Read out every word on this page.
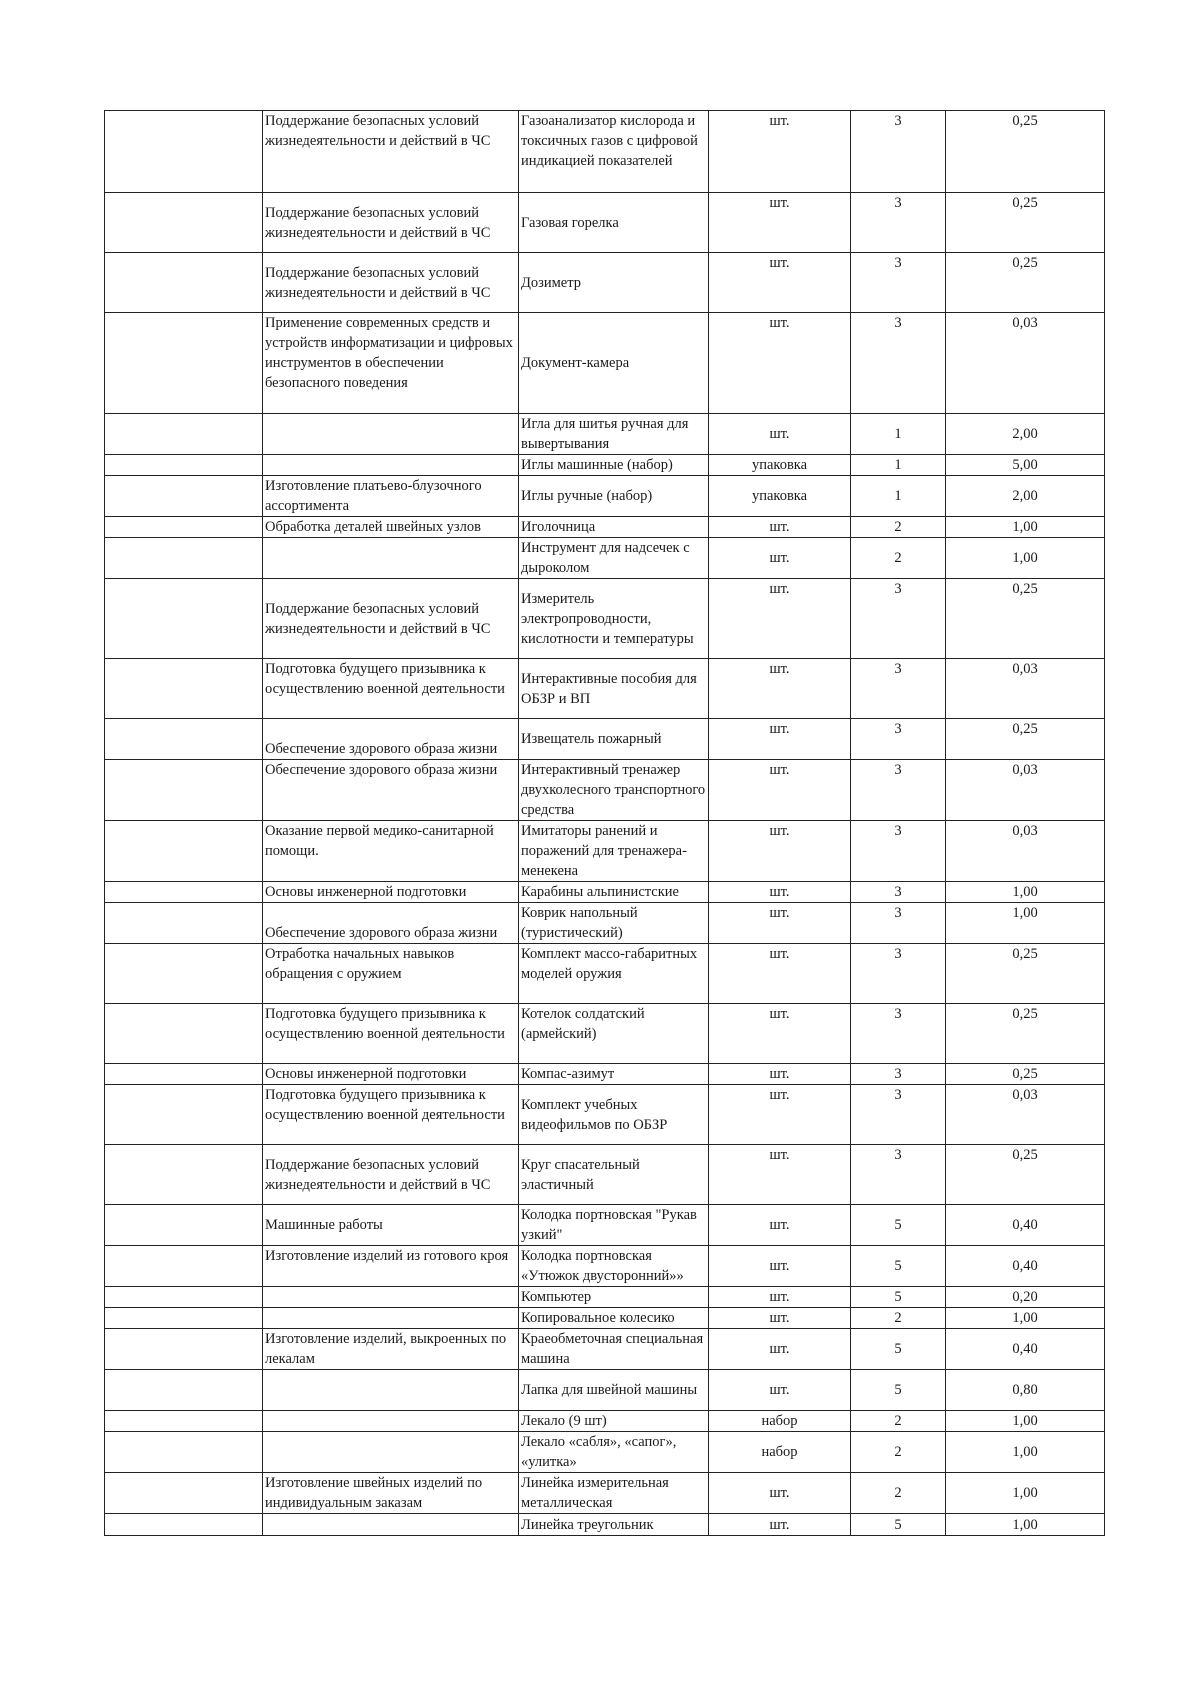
	Поддержание безопасных условий жизнедеятельности и действий в ЧС	Газоанализатор кислорода и токсичных газов с цифровой индикацией показателей	шт.	3	0,25
	Поддержание безопасных условий жизнедеятельности и действий в ЧС	Газовая горелка	шт.	3	0,25
	Поддержание безопасных условий жизнедеятельности и действий в ЧС	Дозиметр	шт.	3	0,25
	Применение современных средств и устройств информатизации и цифровых инструментов в обеспечении безопасного поведения	Документ-камера	шт.	3	0,03
		Игла для шитья ручная для вывертывания	шт.	1	2,00
		Иглы машинные (набор)	упаковка	1	5,00
	Изготовление платьево-блузочного ассортимента	Иглы ручные (набор)	упаковка	1	2,00
	Обработка деталей швейных узлов	Иголочница	шт.	2	1,00
		Инструмент для надсечек с дыроколом	шт.	2	1,00
	Поддержание безопасных условий жизнедеятельности и действий в ЧС	Измеритель электропроводности, кислотности и температуры	шт.	3	0,25
	Подготовка будущего призывника к осуществлению военной деятельности	Интерактивные пособия для ОБЗР и ВП	шт.	3	0,03
	Обеспечение здорового образа жизни	Извещатель пожарный	шт.	3	0,25
	Обеспечение здорового образа жизни	Интерактивный тренажер двухколесного транспортного средства	шт.	3	0,03
	Оказание первой медико-санитарной помощи.	Имитаторы ранений и поражений для тренажера-менекена	шт.	3	0,03
	Основы инженерной подготовки	Карабины альпинистские	шт.	3	1,00
	Обеспечение здорового образа жизни	Коврик напольный (туристический)	шт.	3	1,00
	Отработка начальных навыков обращения с оружием	Комплект массо-габаритных моделей оружия	шт.	3	0,25
	Подготовка будущего призывника к осуществлению военной деятельности	Котелок солдатский (армейский)	шт.	3	0,25
	Основы инженерной подготовки	Компас-азимут	шт.	3	0,25
	Подготовка будущего призывника к осуществлению военной деятельности	Комплект учебных видеофильмов по ОБЗР	шт.	3	0,03
	Поддержание безопасных условий жизнедеятельности и действий в ЧС	Круг спасательный эластичный	шт.	3	0,25
	Машинные работы	Колодка портновская "Рукав узкий"	шт.	5	0,40
	Изготовление изделий из готового кроя	Колодка портновская «Утюжок двусторонний»»	шт.	5	0,40
		Компьютер	шт.	5	0,20
		Копировальное колесико	шт.	2	1,00
	Изготовление изделий, выкроенных по лекалам	Краеобметочная специальная машина	шт.	5	0,40
		Лапка для швейной машины	шт.	5	0,80
		Лекало (9 шт)	набор	2	1,00
		Лекало «сабля», «сапог», «улитка»	набор	2	1,00
	Изготовление швейных изделий по индивидуальным заказам	Линейка измерительная металлическая	шт.	2	1,00
		Линейка треугольник	шт.	5	1,00
